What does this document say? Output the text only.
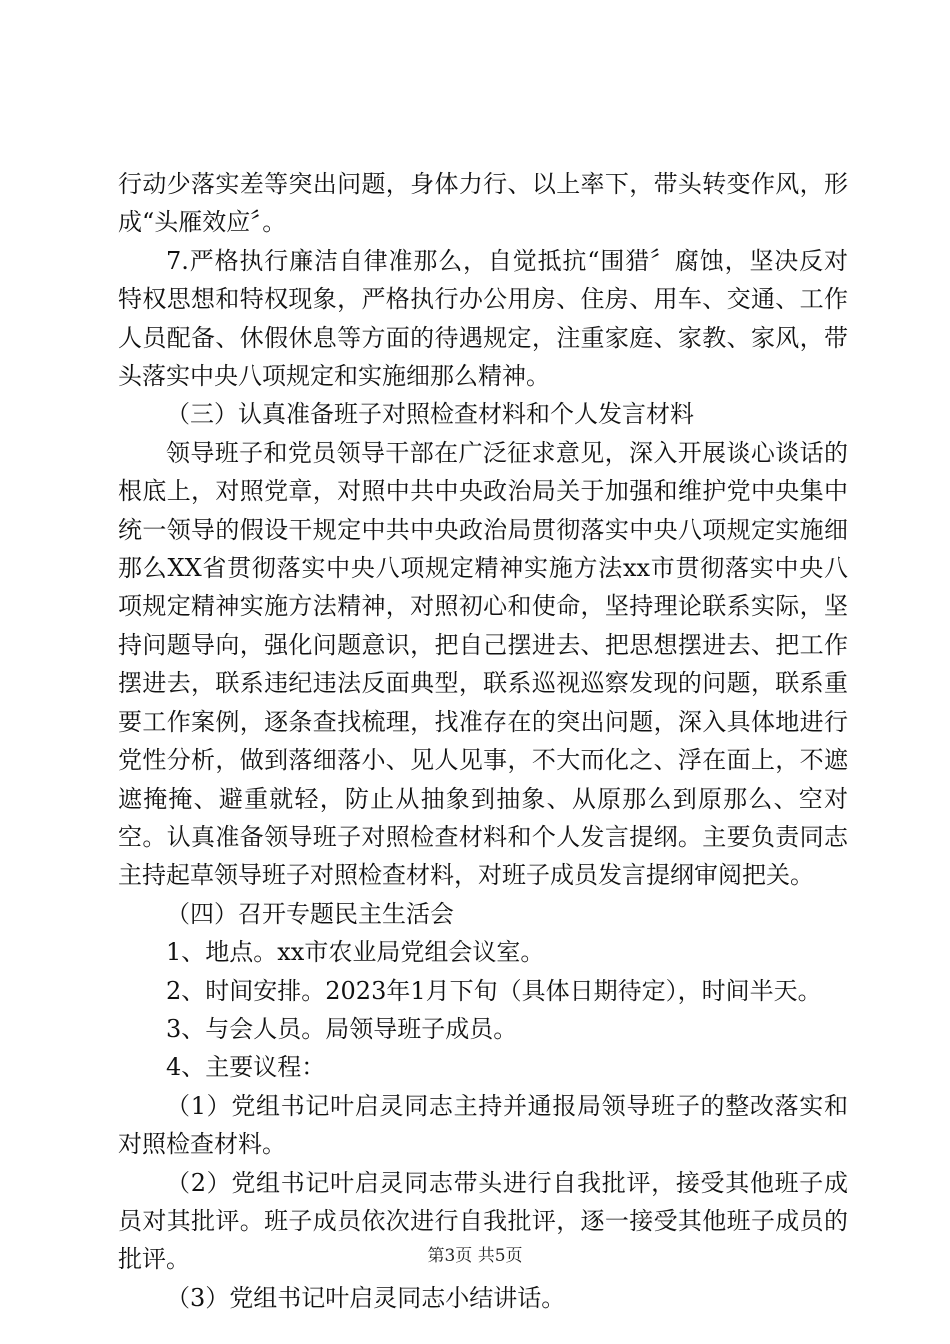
行动少落实差等突出问题，身体力行、以上率下，带头转变作风，形成“头雁效应〞。

7.严格执行廉洁自律准那么，自觉抵抗“围猎〞腐蚀，坚决反对特权思想和特权现象，严格执行办公用房、住房、用车、交通、工作人员配备、休假休息等方面的待遇规定，注重家庭、家教、家风，带头落实中央八项规定和实施细那么精神。

（三）认真准备班子对照检查材料和个人发言材料

领导班子和党员领导干部在广泛征求意见，深入开展谈心谈话的根底上，对照党章，对照中共中央政治局关于加强和维护党中央集中统一领导的假设干规定中共中央政治局贯彻落实中央八项规定实施细那么XX省贯彻落实中央八项规定精神实施方法xx市贯彻落实中央八项规定精神实施方法精神，对照初心和使命，坚持理论联系实际，坚持问题导向，强化问题意识，把自己摆进去、把思想摆进去、把工作摆进去，联系违纪违法反面典型，联系巡视巡察发现的问题，联系重要工作案例，逐条查找梳理，找准存在的突出问题，深入具体地进行党性分析，做到落细落小、见人见事，不大而化之、浮在面上，不遮遮掩掩、避重就轻，防止从抽象到抽象、从原那么到原那么、空对空。认真准备领导班子对照检查材料和个人发言提纲。主要负责同志主持起草领导班子对照检查材料，对班子成员发言提纲审阅把关。

（四）召开专题民主生活会

1、地点。xx市农业局党组会议室。

2、时间安排。2023年1月下旬（具体日期待定），时间半天。

3、与会人员。局领导班子成员。

4、主要议程：

（1）党组书记叶启灵同志主持并通报局领导班子的整改落实和对照检查材料。

（2）党组书记叶启灵同志带头进行自我批评，接受其他班子成员对其批评。班子成员依次进行自我批评，逐一接受其他班子成员的批评。

（3）党组书记叶启灵同志小结讲话。

第3页 共5页
